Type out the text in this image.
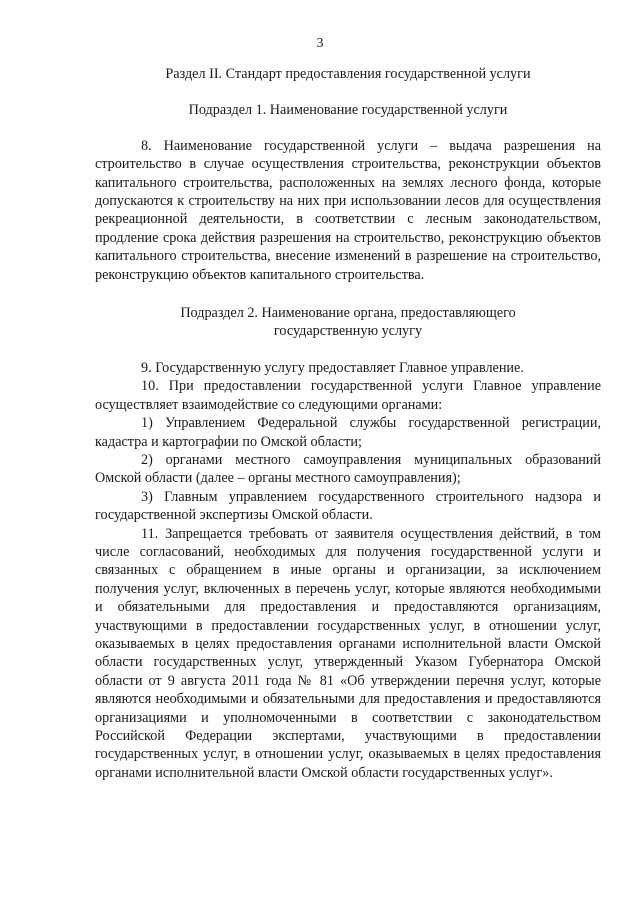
3
Раздел II. Стандарт предоставления государственной услуги
Подраздел 1. Наименование государственной услуги

8. Наименование государственной услуги – выдача разрешения на строительство в случае осуществления строительства, реконструкции объектов капитального строительства, расположенных на землях лесного фонда, которые допускаются к строительству на них при использовании лесов для осуществления рекреационной деятельности, в соответствии с лесным законодательством, продление срока действия разрешения на строительство, реконструкцию объектов капитального строительства, внесение изменений в разрешение на строительство, реконструкцию объектов капитального строительства.

Подраздел 2. Наименование органа, предоставляющего
государственную услугу

9. Государственную услугу предоставляет Главное управление.

10. При предоставлении государственной услуги Главное управление осуществляет взаимодействие со следующими органами:

1) Управлением Федеральной службы государственной регистрации, кадастра и картографии по Омской области;

2) органами местного самоуправления муниципальных образований Омской области (далее – органы местного самоуправления);

3) Главным управлением государственного строительного надзора и государственной экспертизы Омской области.

11. Запрещается требовать от заявителя осуществления действий, в том числе согласований, необходимых для получения государственной услуги и связанных с обращением в иные органы и организации, за исключением получения услуг, включенных в перечень услуг, которые являются необходимыми и обязательными для предоставления и предоставляются организациям, участвующими в предоставлении государственных услуг, в отношении услуг, оказываемых в целях предоставления органами исполнительной власти Омской области государственных услуг, утвержденный Указом Губернатора Омской области от 9 августа 2011 года № 81 «Об утверждении перечня услуг, которые являются необходимыми и обязательными для предоставления и предоставляются организациями и уполномоченными в соответствии с законодательством Российской Федерации экспертами, участвующими в предоставлении государственных услуг, в отношении услуг, оказываемых в целях предоставления органами исполнительной власти Омской области государственных услуг».
